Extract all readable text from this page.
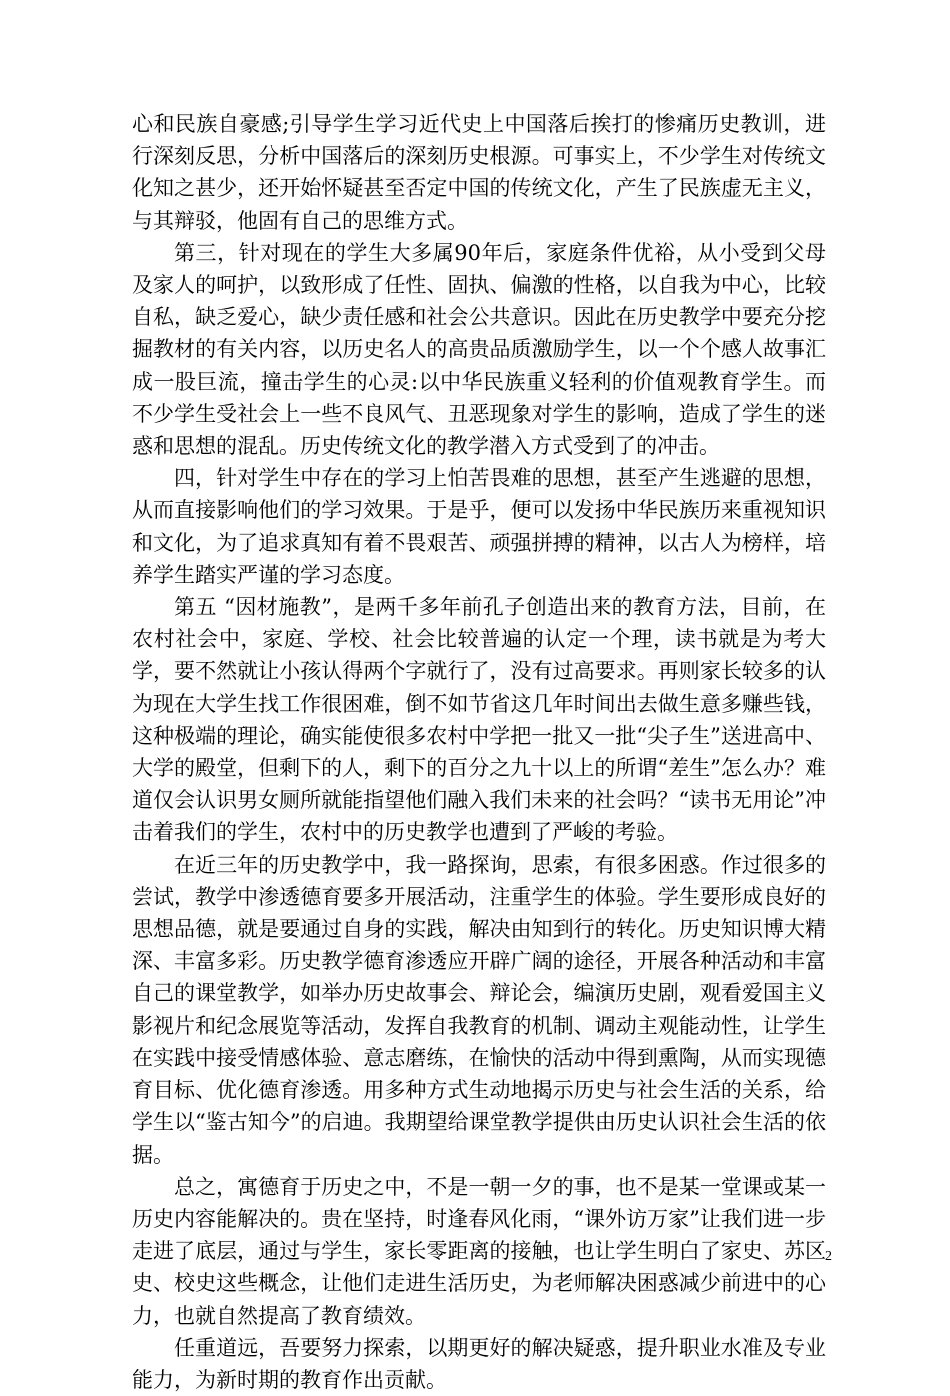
心和民族自豪感;引导学生学习近代史上中国落后挨打的惨痛历史教训，进行深刻反思，分析中国落后的深刻历史根源。可事实上，不少学生对传统文化知之甚少，还开始怀疑甚至否定中国的传统文化，产生了民族虚无主义，与其辩驳，他固有自己的思维方式。

第三，针对现在的学生大多属90年后，家庭条件优裕，从小受到父母及家人的呵护，以致形成了任性、固执、偏激的性格，以自我为中心，比较自私，缺乏爱心，缺少责任感和社会公共意识。因此在历史教学中要充分挖掘教材的有关内容，以历史名人的高贵品质激励学生，以一个个感人故事汇成一股巨流，撞击学生的心灵:以中华民族重义轻利的价值观教育学生。而不少学生受社会上一些不良风气、丑恶现象对学生的影响，造成了学生的迷惑和思想的混乱。历史传统文化的教学潜入方式受到了的冲击。

四，针对学生中存在的学习上怕苦畏难的思想，甚至产生逃避的思想，从而直接影响他们的学习效果。于是乎，便可以发扬中华民族历来重视知识和文化，为了追求真知有着不畏艰苦、顽强拼搏的精神，以古人为榜样，培养学生踏实严谨的学习态度。

第五 “因材施教”，是两千多年前孔子创造出来的教育方法，目前，在农村社会中，家庭、学校、社会比较普遍的认定一个理，读书就是为考大学，要不然就让小孩认得两个字就行了，没有过高要求。再则家长较多的认为现在大学生找工作很困难，倒不如节省这几年时间出去做生意多赚些钱，这种极端的理论，确实能使很多农村中学把一批又一批“尖子生”送进高中、大学的殿堂，但剩下的人，剩下的百分之九十以上的所谓“差生”怎么办？难道仅会认识男女厕所就能指望他们融入我们未来的社会吗？“读书无用论”冲击着我们的学生，农村中的历史教学也遭到了严峻的考验。

在近三年的历史教学中，我一路探询，思索，有很多困惑。作过很多的尝试，教学中渗透德育要多开展活动，注重学生的体验。学生要形成良好的思想品德，就是要通过自身的实践，解决由知到行的转化。历史知识博大精深、丰富多彩。历史教学德育渗透应开辟广阔的途径，开展各种活动和丰富自己的课堂教学，如举办历史故事会、辩论会，编演历史剧，观看爱国主义影视片和纪念展览等活动，发挥自我教育的机制、调动主观能动性，让学生在实践中接受情感体验、意志磨练，在愉快的活动中得到熏陶，从而实现德育目标、优化德育渗透。用多种方式生动地揭示历史与社会生活的关系，给学生以“鉴古知今”的启迪。我期望给课堂教学提供由历史认识社会生活的依据。

总之，寓德育于历史之中，不是一朝一夕的事，也不是某一堂课或某一历史内容能解决的。贵在坚持，时逢春风化雨，“课外访万家”让我们进一步走进了底层，通过与学生，家长零距离的接触，也让学生明白了家史、苏区史、校史这些概念，让他们走进生活历史，为老师解决困惑减少前进中的心力，也就自然提高了教育绩效。

任重道远，吾要努力探索，以期更好的解决疑惑，提升职业水准及专业能力，为新时期的教育作出贡献。

2
